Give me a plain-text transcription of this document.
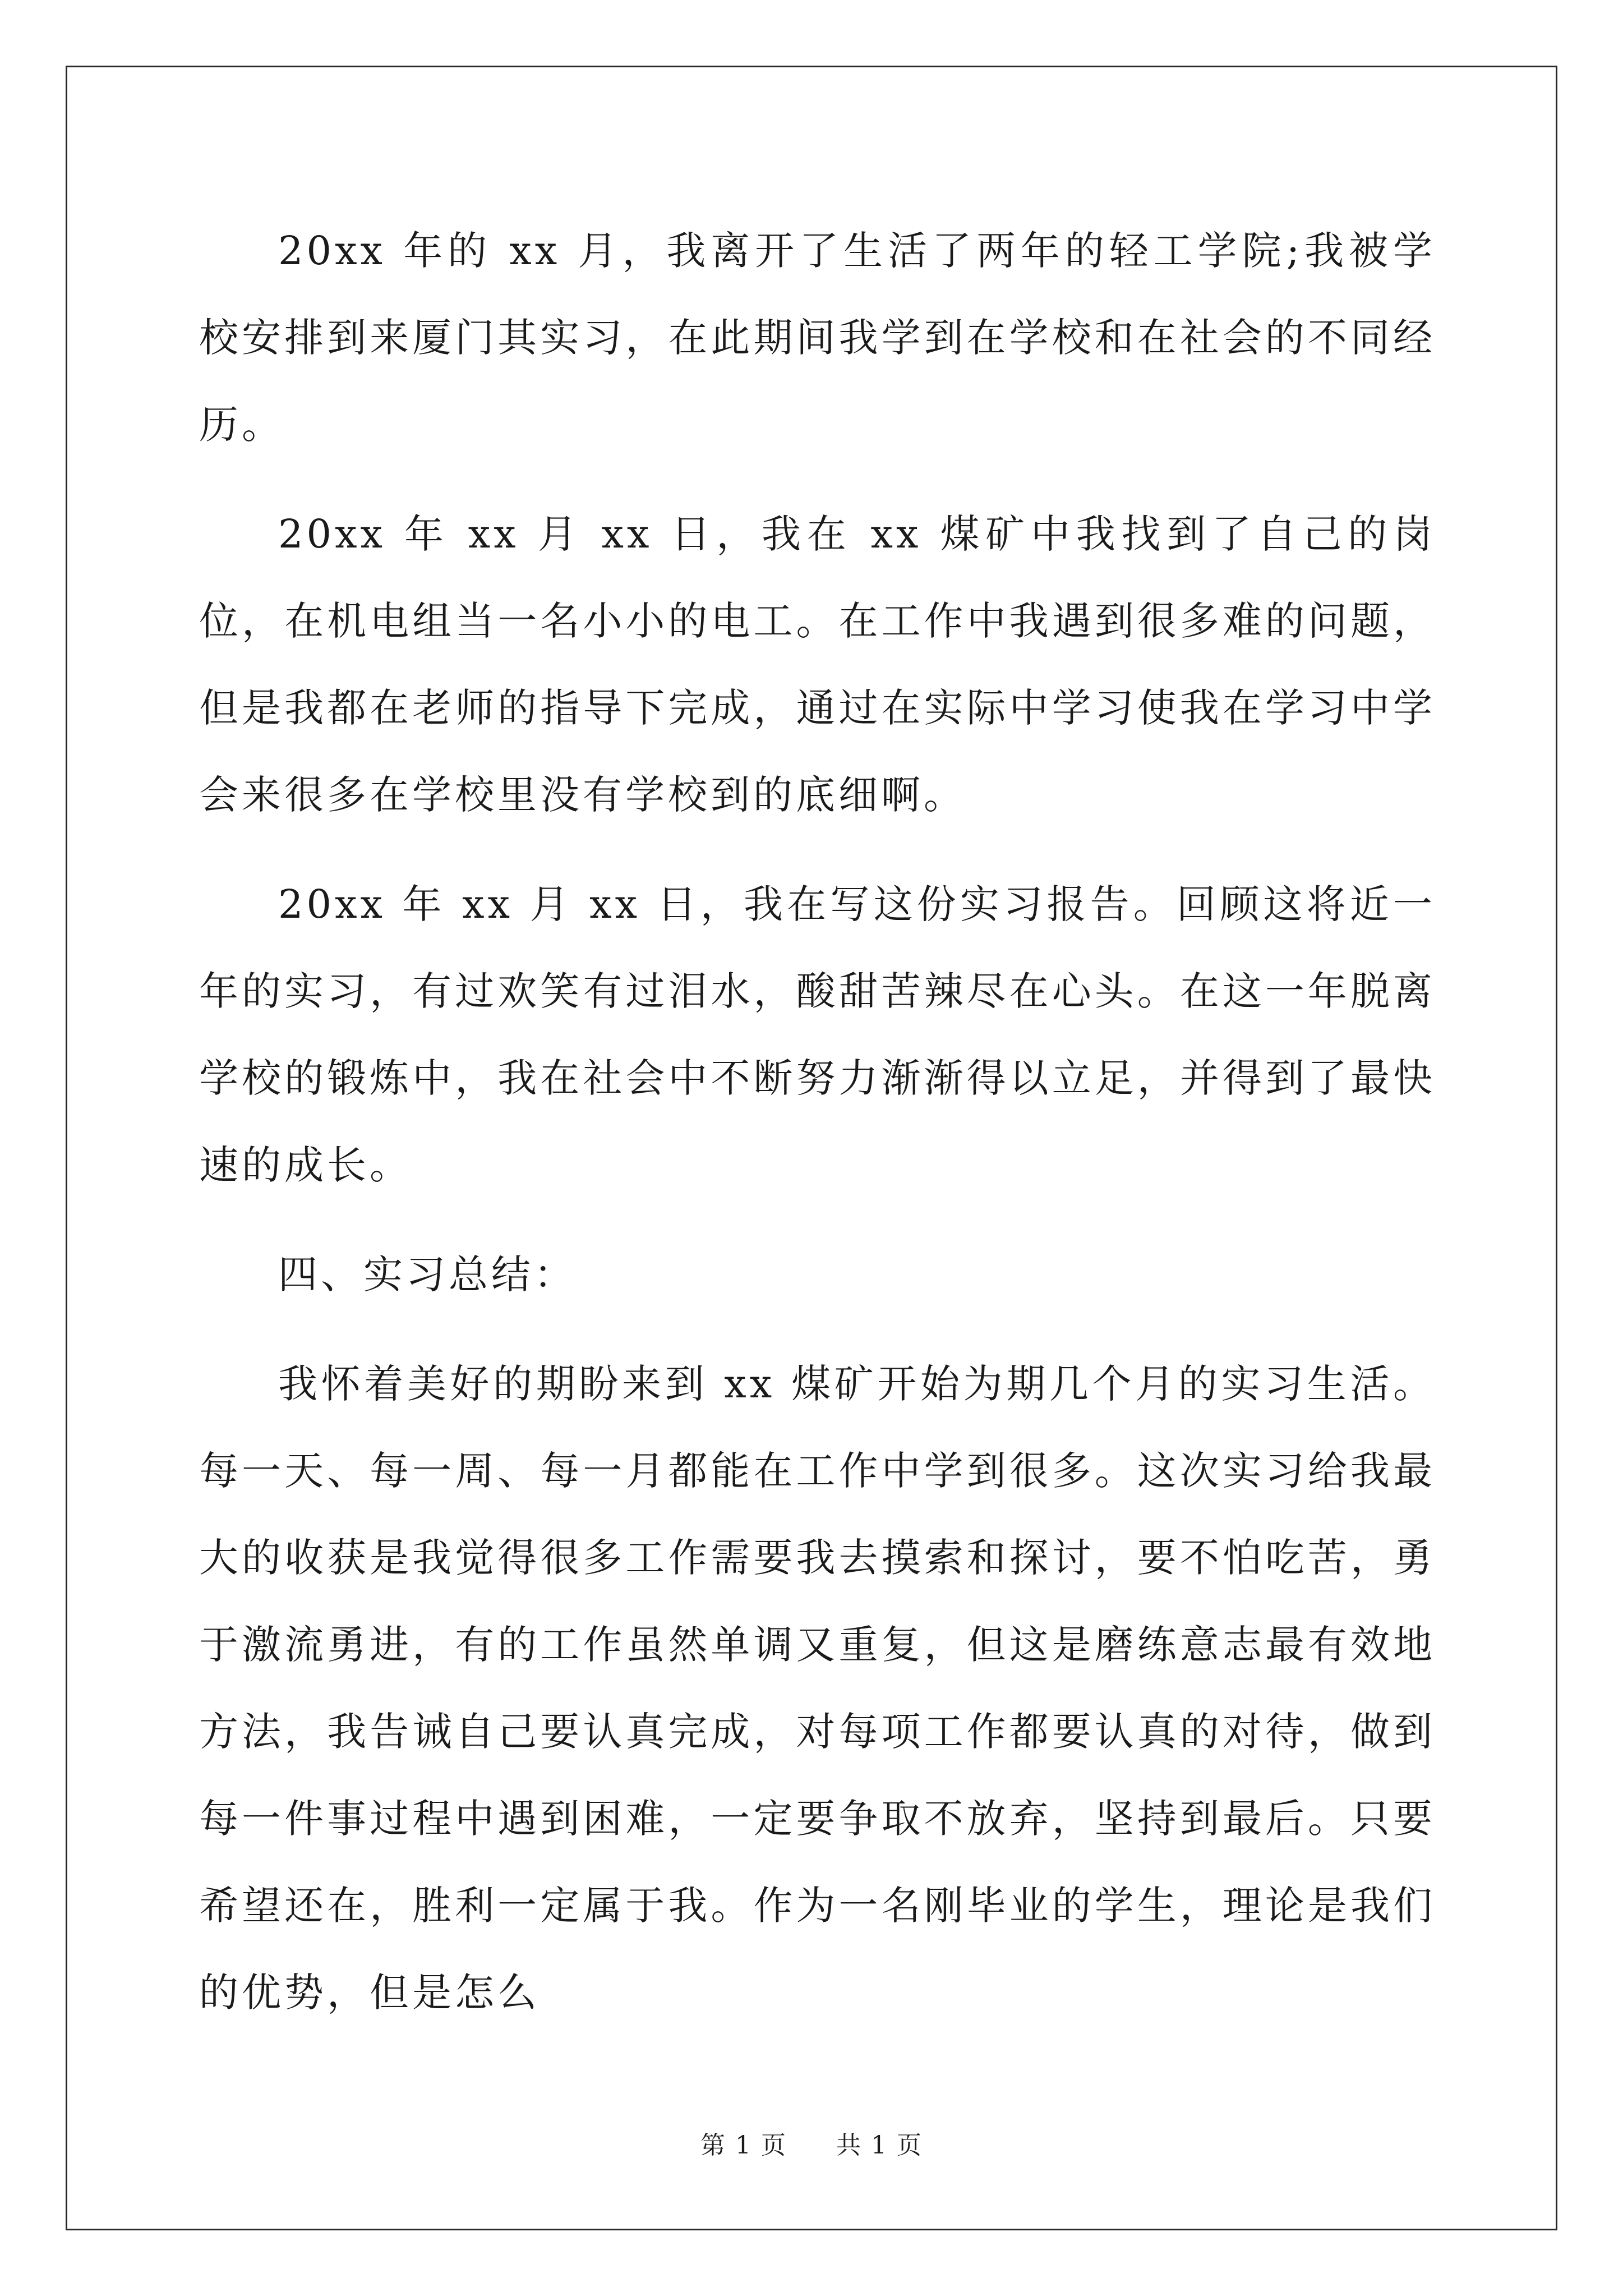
20xx 年的 xx 月，我离开了生活了两年的轻工学院;我被学校安排到来厦门其实习，在此期间我学到在学校和在社会的不同经历。

20xx 年 xx 月 xx 日，我在 xx 煤矿中我找到了自己的岗位，在机电组当一名小小的电工。在工作中我遇到很多难的问题，但是我都在老师的指导下完成，通过在实际中学习使我在学习中学会来很多在学校里没有学校到的底细啊。

20xx 年 xx 月 xx 日，我在写这份实习报告。回顾这将近一年的实习，有过欢笑有过泪水，酸甜苦辣尽在心头。在这一年脱离学校的锻炼中，我在社会中不断努力渐渐得以立足，并得到了最快速的成长。

四、实习总结：

我怀着美好的期盼来到 xx 煤矿开始为期几个月的实习生活。每一天、每一周、每一月都能在工作中学到很多。这次实习给我最大的收获是我觉得很多工作需要我去摸索和探讨，要不怕吃苦，勇于激流勇进，有的工作虽然单调又重复，但这是磨练意志最有效地方法，我告诫自己要认真完成，对每项工作都要认真的对待，做到每一件事过程中遇到困难，一定要争取不放弃，坚持到最后。只要希望还在，胜利一定属于我。作为一名刚毕业的学生，理论是我们的优势，但是怎么

第 1 页 共 1 页
